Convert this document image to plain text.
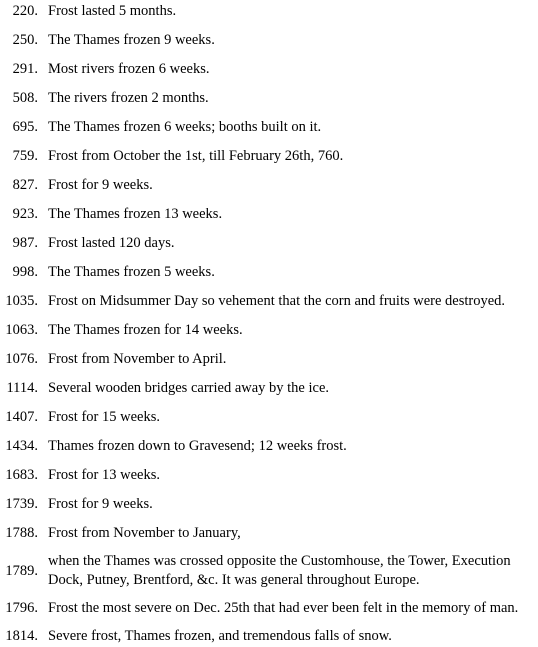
220. Frost lasted 5 months.
250. The Thames frozen 9 weeks.
291. Most rivers frozen 6 weeks.
508. The rivers frozen 2 months.
695. The Thames frozen 6 weeks; booths built on it.
759. Frost from October the 1st, till February 26th, 760.
827. Frost for 9 weeks.
923. The Thames frozen 13 weeks.
987. Frost lasted 120 days.
998. The Thames frozen 5 weeks.
1035. Frost on Midsummer Day so vehement that the corn and fruits were destroyed.
1063. The Thames frozen for 14 weeks.
1076. Frost from November to April.
1114. Several wooden bridges carried away by the ice.
1407. Frost for 15 weeks.
1434. Thames frozen down to Gravesend; 12 weeks frost.
1683. Frost for 13 weeks.
1739. Frost for 9 weeks.
1788. Frost from November to January,
1789.
when the Thames was crossed opposite the Customhouse, the Tower, Execution Dock, Putney, Brentford, &c. It was general throughout Europe.
1796. Frost the most severe on Dec. 25th that had ever been felt in the memory of man.
1814. Severe frost, Thames frozen, and tremendous falls of snow.
